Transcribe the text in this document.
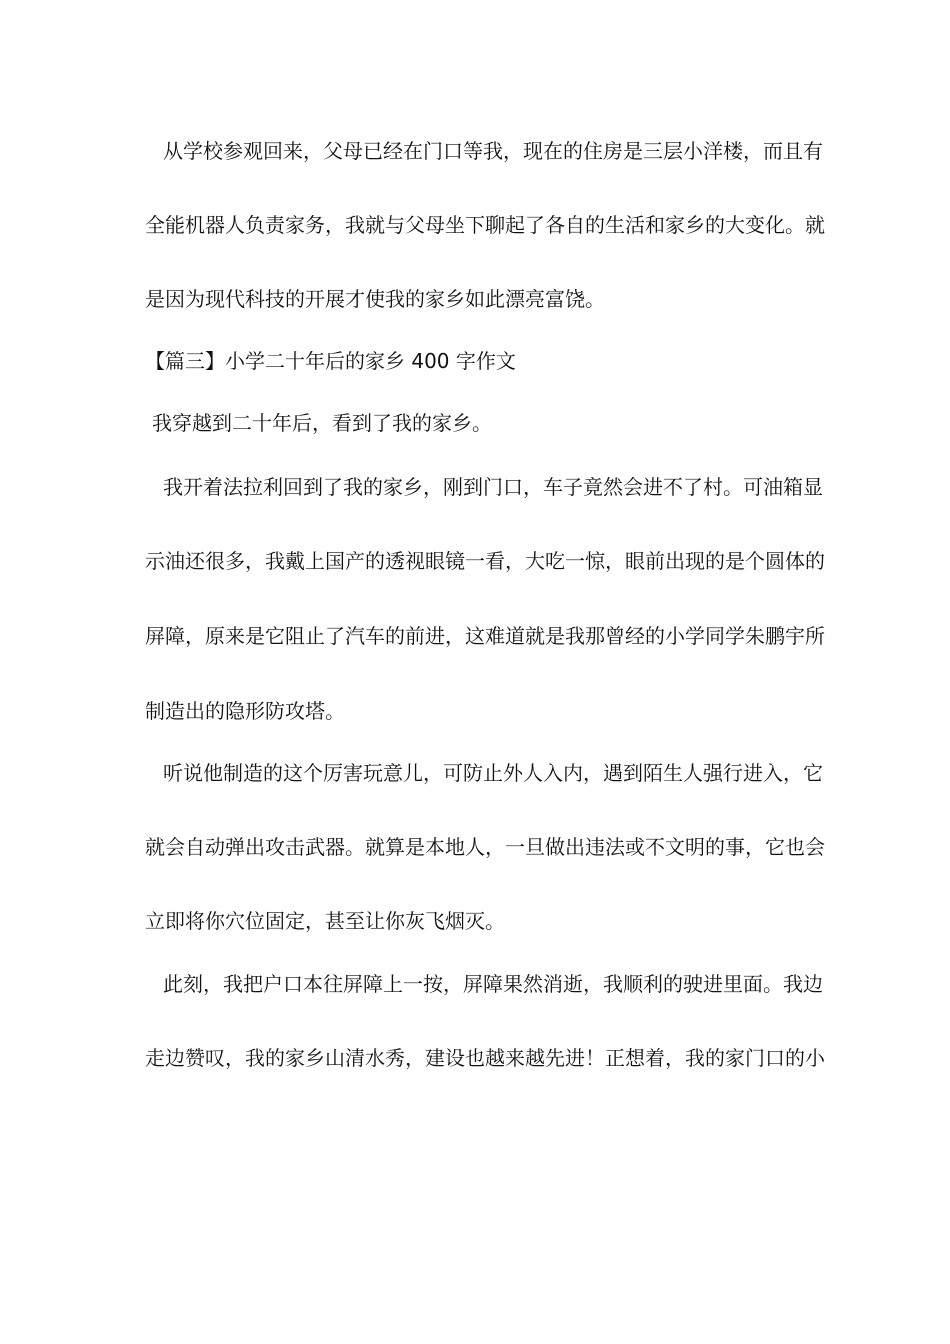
从学校参观回来，父母已经在门口等我，现在的住房是三层小洋楼，而且有
全能机器人负责家务，我就与父母坐下聊起了各自的生活和家乡的大变化。就
是因为现代科技的开展才使我的家乡如此漂亮富饶。
【篇三】小学二十年后的家乡 400 字作文
我穿越到二十年后，看到了我的家乡。
我开着法拉利回到了我的家乡，刚到门口，车子竟然会进不了村。可油箱显
示油还很多，我戴上国产的透视眼镜一看，大吃一惊，眼前出现的是个圆体的
屏障，原来是它阻止了汽车的前进，这难道就是我那曾经的小学同学朱鹏宇所
制造出的隐形防攻塔。
听说他制造的这个厉害玩意儿，可防止外人入内，遇到陌生人强行进入，它
就会自动弹出攻击武器。就算是本地人，一旦做出违法或不文明的事，它也会
立即将你穴位固定，甚至让你灰飞烟灭。
此刻，我把户口本往屏障上一按，屏障果然消逝，我顺利的驶进里面。我边
走边赞叹，我的家乡山清水秀，建设也越来越先进！正想着，我的家门口的小
